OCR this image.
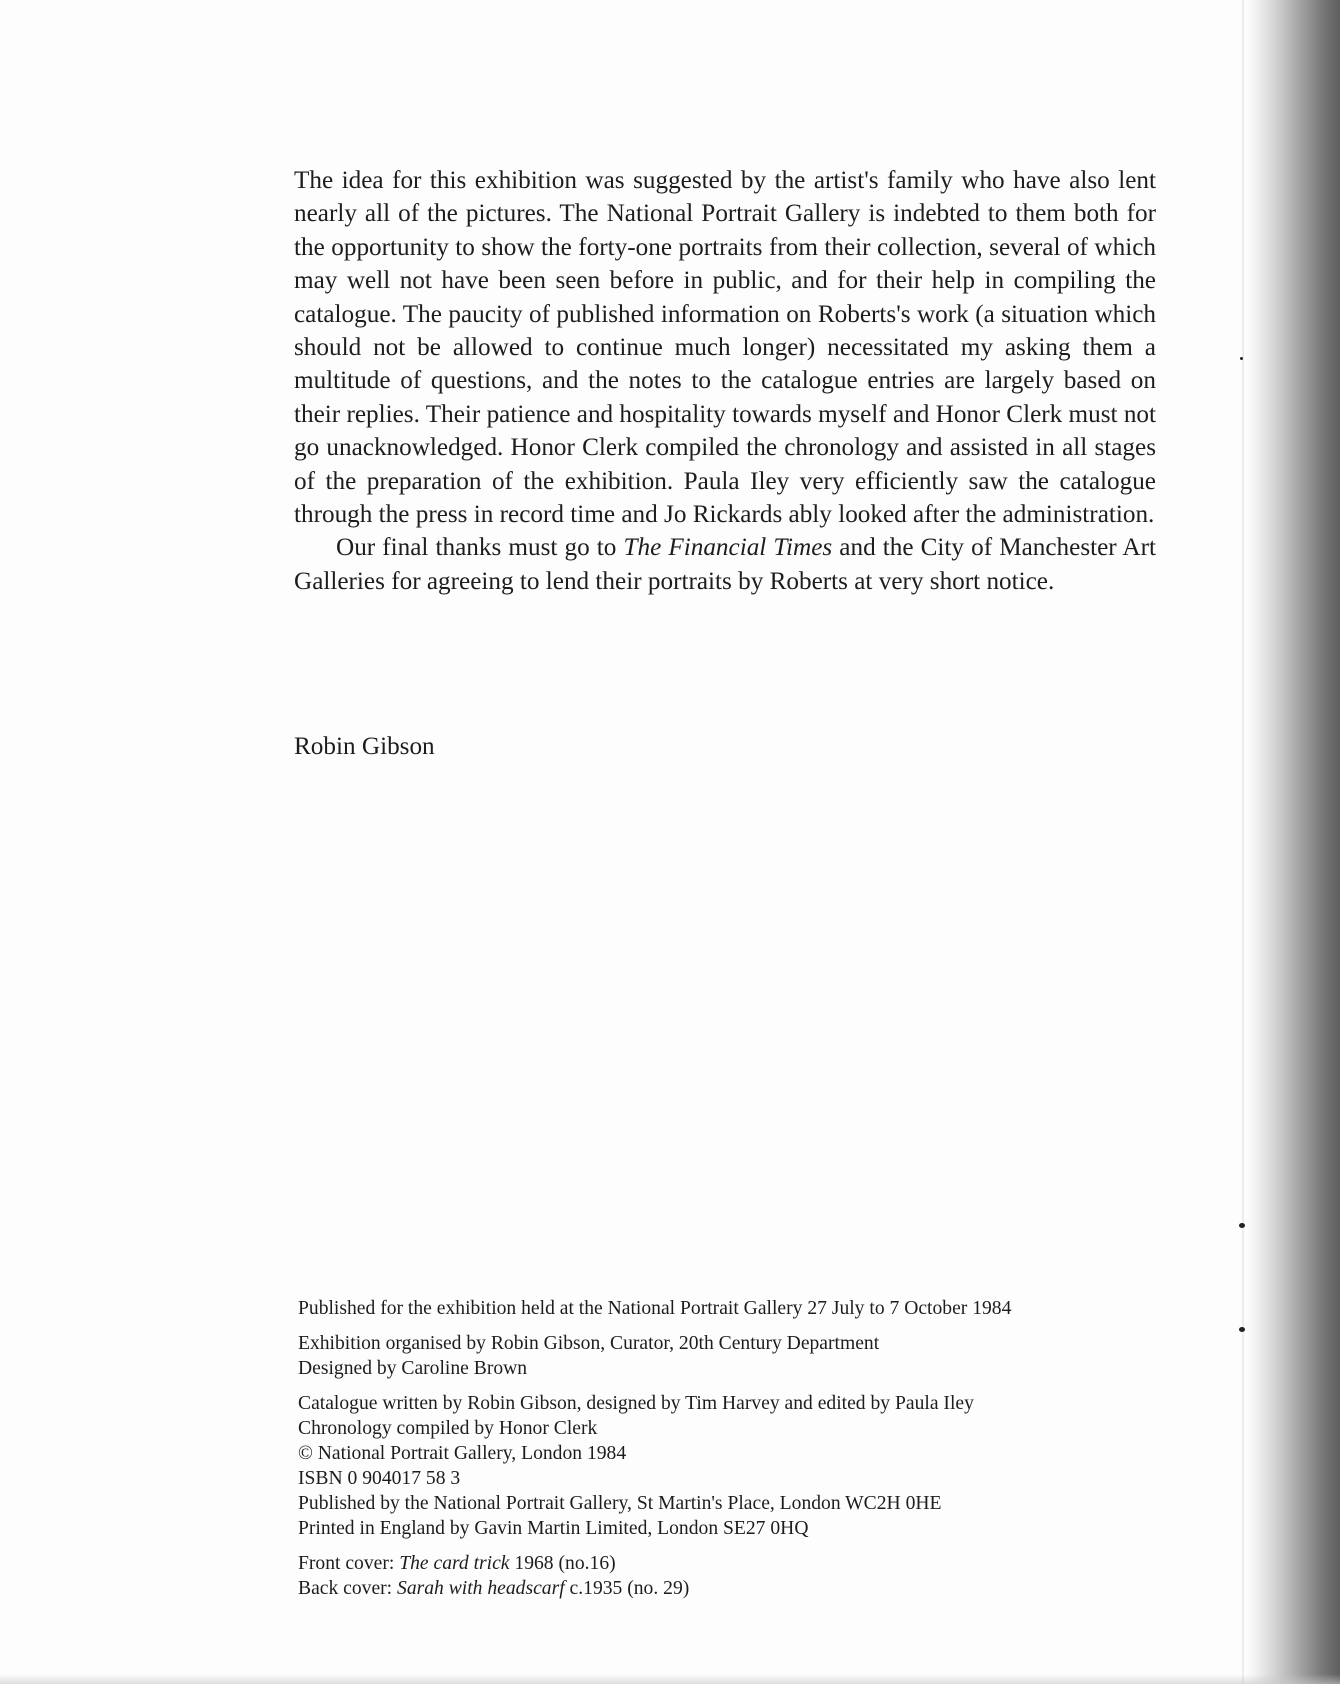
The idea for this exhibition was suggested by the artist's family who have also lent nearly all of the pictures. The National Portrait Gallery is indebted to them both for the opportunity to show the forty-one portraits from their collection, several of which may well not have been seen before in public, and for their help in compiling the catalogue. The paucity of published information on Roberts's work (a situation which should not be allowed to continue much longer) necessitated my asking them a multitude of questions, and the notes to the catalogue entries are largely based on their replies. Their patience and hospitality towards myself and Honor Clerk must not go unacknowledged. Honor Clerk compiled the chronology and assisted in all stages of the preparation of the exhibition. Paula Iley very efficiently saw the catalogue through the press in record time and Jo Rickards ably looked after the administration.

Our final thanks must go to The Financial Times and the City of Manchester Art Galleries for agreeing to lend their portraits by Roberts at very short notice.

Robin Gibson
Published for the exhibition held at the National Portrait Gallery 27 July to 7 October 1984
Exhibition organised by Robin Gibson, Curator, 20th Century Department
Designed by Caroline Brown
Catalogue written by Robin Gibson, designed by Tim Harvey and edited by Paula Iley
Chronology compiled by Honor Clerk
© National Portrait Gallery, London 1984
ISBN 0 904017 58 3
Published by the National Portrait Gallery, St Martin's Place, London WC2H 0HE
Printed in England by Gavin Martin Limited, London SE27 0HQ
Front cover: The card trick 1968 (no.16)
Back cover: Sarah with headscarf c.1935 (no. 29)
